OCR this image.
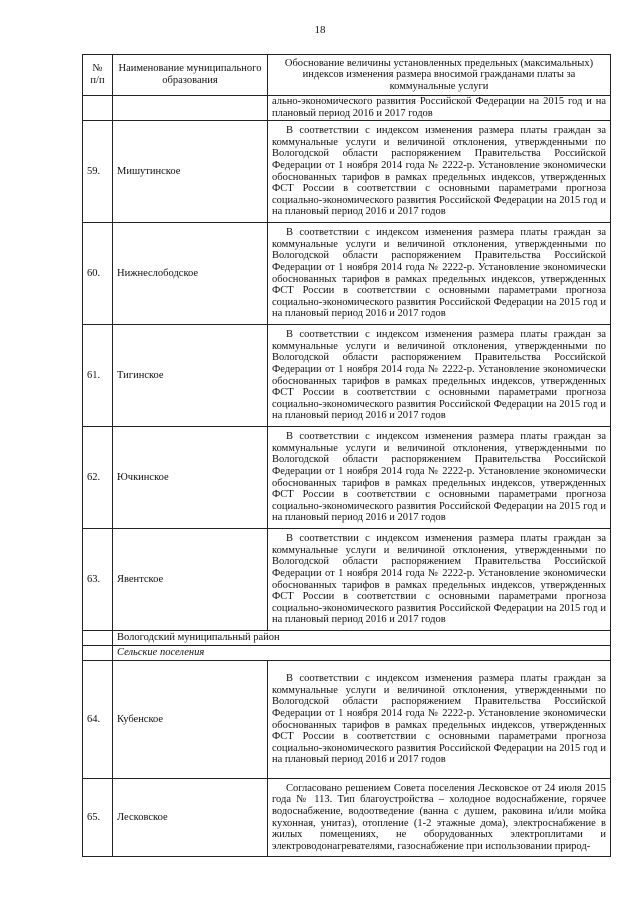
18
№ п/п	Наименование муниципального образования	Обоснование величины установленных предельных (максимальных) индексов изменения размера вносимой гражданами платы за коммунальные услуги
		ально-экономического развития Российской Федерации на 2015 год и на плановый период 2016 и 2017 годов
59.	Мишутинское	В соответствии с индексом изменения размера платы граждан за коммунальные услуги и величиной отклонения, утвержденными по Вологодской области распоряжением Правительства Российской Федерации от 1 ноября 2014 года № 2222-р. Установление экономически обоснованных тарифов в рамках предельных индексов, утвержденных ФСТ России в соответствии с основными параметрами прогноза социально-экономического развития Российской Федерации на 2015 год и на плановый период 2016 и 2017 годов
60.	Нижнеслободское	В соответствии с индексом изменения размера платы граждан за коммунальные услуги и величиной отклонения, утвержденными по Вологодской области распоряжением Правительства Российской Федерации от 1 ноября 2014 года № 2222-р. Установление экономически обоснованных тарифов в рамках предельных индексов, утвержденных ФСТ России в соответствии с основными параметрами прогноза социально-экономического развития Российской Федерации на 2015 год и на плановый период 2016 и 2017 годов
61.	Тигинское	В соответствии с индексом изменения размера платы граждан за коммунальные услуги и величиной отклонения, утвержденными по Вологодской области распоряжением Правительства Российской Федерации от 1 ноября 2014 года № 2222-р. Установление экономически обоснованных тарифов в рамках предельных индексов, утвержденных ФСТ России в соответствии с основными параметрами прогноза социально-экономического развития Российской Федерации на 2015 год и на плановый период 2016 и 2017 годов
62.	Ючкинское	В соответствии с индексом изменения размера платы граждан за коммунальные услуги и величиной отклонения, утвержденными по Вологодской области распоряжением Правительства Российской Федерации от 1 ноября 2014 года № 2222-р. Установление экономически обоснованных тарифов в рамках предельных индексов, утвержденных ФСТ России в соответствии с основными параметрами прогноза социально-экономического развития Российской Федерации на 2015 год и на плановый период 2016 и 2017 годов
63.	Явентское	В соответствии с индексом изменения размера платы граждан за коммунальные услуги и величиной отклонения, утвержденными по Вологодской области распоряжением Правительства Российской Федерации от 1 ноября 2014 года № 2222-р. Установление экономически обоснованных тарифов в рамках предельных индексов, утвержденных ФСТ России в соответствии с основными параметрами прогноза социально-экономического развития Российской Федерации на 2015 год и на плановый период 2016 и 2017 годов
	Вологодский муниципальный район	
	Сельские поселения	
64.	Кубенское	В соответствии с индексом изменения размера платы граждан за коммунальные услуги и величиной отклонения, утвержденными по Вологодской области распоряжением Правительства Российской Федерации от 1 ноября 2014 года № 2222-р. Установление экономически обоснованных тарифов в рамках предельных индексов, утвержденных ФСТ России в соответствии с основными параметрами прогноза социально-экономического развития Российской Федерации на 2015 год и на плановый период 2016 и 2017 годов
65.	Лесковское	Согласовано решением Совета поселения Лесковское от 24 июля 2015 года № 113. Тип благоустройства – холодное водоснабжение, горячее водоснабжение, водоотведение (ванна с душем, раковина и/или мойка кухонная, унитаз), отопление (1-2 этажные дома), электроснабжение в жилых помещениях, не оборудованных электроплитами и электроводонагревателями, газоснабжение при использовании природ-
